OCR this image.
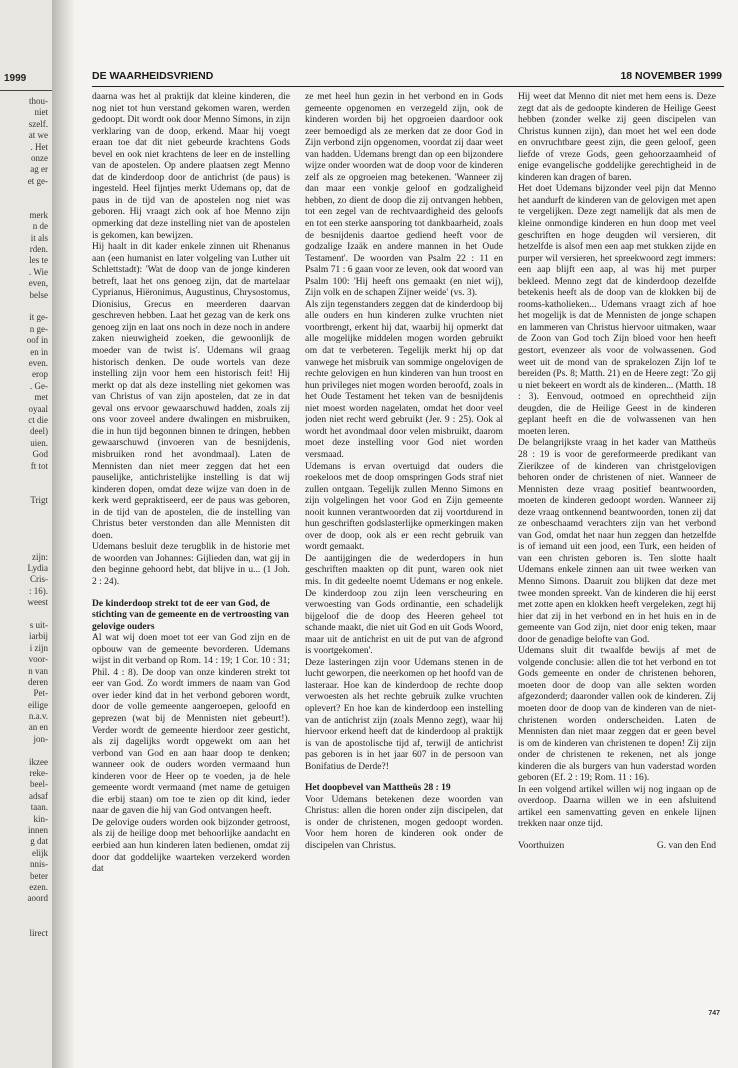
1999
thou-
niet
szelf.
at we
. Het
onze
ag er
et ge-
merk
n de
it als
rden.
les te
. Wie
even,
belse
it ge-
n ge-
oof in
en in
even.
erop
. Ge-
met
oyaal
ct die
deel)
uien.
God
ft tot
Trigt
zijn:
Lydia
Cris-
: 16).
weest
s uit-
iarbij
i zijn
voor-
n van
deren
Pet-
eilige
n.a.v.
an en
jon-
ikzee
reke-
beel-
adsaf
taan.
kin-
innen
g dat
elijk
nnis-
beter
ezen.
aoord
lirect
DE WAARHEIDSVRIEND	18 NOVEMBER 1999

daarna was het al praktijk dat kleine kinderen, die nog niet tot hun verstand gekomen waren, werden gedoopt. Dit wordt ook door Menno Simons, in zijn verklaring van de doop, erkend. Maar hij voegt eraan toe dat dit niet gebeurde krachtens Gods bevel en ook niet krachtens de leer en de instelling van de apostelen. Op andere plaatsen zegt Menno dat de kinderdoop door de antichrist (de paus) is ingesteld. Heel fijntjes merkt Udemans op, dat de paus in de tijd van de apostelen nog niet was geboren. Hij vraagt zich ook af hoe Menno zijn opmerking dat deze instelling niet van de apostelen is gekomen, kan bewijzen.

Hij haalt in dit kader enkele zinnen uit Rhenanus aan (een humanist en later volgeling van Luther uit Schlettstadt): 'Wat de doop van de jonge kinderen betreft, laat het ons genoeg zijn, dat de martelaar Cyprianus, Hiëronimus, Augustinus, Chrysostomus, Dionisius, Grecus en meerderen daarvan geschreven hebben. Laat het gezag van de kerk ons genoeg zijn en laat ons noch in deze noch in andere zaken nieuwigheid zoeken, die gewoonlijk de moeder van de twist is'. Udemans wil graag historisch denken. De oude wortels van deze instelling zijn voor hem een historisch feit! Hij merkt op dat als deze instelling niet gekomen was van Christus of van zijn apostelen, dat ze in dat geval ons ervoor gewaarschuwd hadden, zoals zij ons voor zoveel andere dwalingen en misbruiken, die in hun tijd begonnen binnen te dringen, hebben gewaarschuwd (invoeren van de besnijdenis, misbruiken rond het avondmaal). Laten de Mennisten dan niet meer zeggen dat het een pauselijke, antichristelijke instelling is dat wij kinderen dopen, omdat deze wijze van doen in de kerk werd gepraktiseerd, eer de paus was geboren, in de tijd van de apostelen, die de instelling van Christus beter verstonden dan alle Mennisten dit doen.

Udemans besluit deze terugblik in de historie met de woorden van Johannes: Gijlieden dan, wat gij in den beginne gehoord hebt, dat blijve in u... (1 Joh. 2 : 24).

De kinderdoop strekt tot de eer van God, de stichting van de gemeente en de vertroosting van gelovige ouders

Al wat wij doen moet tot eer van God zijn en de opbouw van de gemeente bevorderen. Udemans wijst in dit verband op Rom. 14 : 19; 1 Cor. 10 : 31; Phil. 4 : 8). De doop van onze kinderen strekt tot eer van God. Zo wordt immers de naam van God over ieder kind dat in het verbond geboren wordt, door de volle gemeente aangeroepen, geloofd en geprezen (wat bij de Mennisten niet gebeurt!). Verder wordt de gemeente hierdoor zeer gesticht, als zij dagelijks wordt opgewekt om aan het verbond van God en aan haar doop te denken; wanneer ook de ouders worden vermaand hun kinderen voor de Heer op te voeden, ja de hele gemeente wordt vermaand (met name de getuigen die erbij staan) om toe te zien op dit kind, ieder naar de gaven die hij van God ontvangen heeft.

De gelovige ouders worden ook bijzonder getroost, als zij de heilige doop met behoorlijke aandacht en eerbied aan hun kinderen laten bedienen, omdat zij door dat goddelijke waarteken verzekerd worden dat

ze met heel hun gezin in het verbond en in Gods gemeente opgenomen en verzegeld zijn, ook de kinderen worden bij het opgroeien daardoor ook zeer bemoedigd als ze merken dat ze door God in Zijn verbond zijn opgenomen, voordat zij daar weet van hadden. Udemans brengt dan op een bijzondere wijze onder woorden wat de doop voor de kinderen zelf als ze opgroeien mag betekenen. 'Wanneer zij dan maar een vonkje geloof en godzaligheid hebben, zo dient de doop die zij ontvangen hebben, tot een zegel van de rechtvaardigheid des geloofs en tot een sterke aansporing tot dankbaarheid, zoals de besnijdenis daartoe gediend heeft voor de godzalige Izaäk en andere mannen in het Oude Testament'. De woorden van Psalm 22 : 11 en Psalm 71 : 6 gaan voor ze leven, ook dat woord van Psalm 100: 'Hij heeft ons gemaakt (en niet wij), Zijn volk en de schapen Zijner weide' (vs. 3).

Als zijn tegenstanders zeggen dat de kinderdoop bij alle ouders en hun kinderen zulke vruchten niet voortbrengt, erkent hij dat, waarbij hij opmerkt dat alle mogelijke middelen mogen worden gebruikt om dat te verbeteren. Tegelijk merkt hij op dat vanwege het misbruik van sommige ongelovigen de rechte gelovigen en hun kinderen van hun troost en hun privileges niet mogen worden beroofd, zoals in het Oude Testament het teken van de besnijdenis niet moest worden nagelaten, omdat het door veel joden niet recht werd gebruikt (Jer. 9 : 25). Ook al wordt het avondmaal door velen misbruikt, daarom moet deze instelling voor God niet worden versmaad.

Udemans is ervan overtuigd dat ouders die roekeloos met de doop omspringen Gods straf niet zullen ontgaan. Tegelijk zullen Menno Simons en zijn volgelingen het voor God en Zijn gemeente nooit kunnen verantwoorden dat zij voortdurend in hun geschriften godslasterlijke opmerkingen maken over de doop, ook als er een recht gebruik van wordt gemaakt.

De aantijgingen die de wederdopers in hun geschriften maakten op dit punt, waren ook niet mis. In dit gedeelte noemt Udemans er nog enkele. De kinderdoop zou zijn leen verscheuring en verwoesting van Gods ordinantie, een schadelijk bijgeloof die de doop des Heeren geheel tot schande maakt, die niet uit God en uit Gods Woord, maar uit de antichrist en uit de put van de afgrond is voortgekomen'.

Deze lasteringen zijn voor Udemans stenen in de lucht geworpen, die neerkomen op het hoofd van de lasteraar. Hoe kan de kinderdoop de rechte doop verwoesten als het rechte gebruik zulke vruchten oplevert? En hoe kan de kinderdoop een instelling van de antichrist zijn (zoals Menno zegt), waar hij hiervoor erkend heeft dat de kinderdoop al praktijk is van de apostolische tijd af, terwijl de antichrist pas geboren is in het jaar 607 in de persoon van Bonifatius de Derde?!

Het doopbevel van Mattheüs 28 : 19

Voor Udemans betekenen deze woorden van Christus: allen die horen onder zijn discipelen, dat is onder de christenen, mogen gedoopt worden. Voor hem horen de kinderen ook onder de discipelen van Christus.

Hij weet dat Menno dit niet met hem eens is. Deze zegt dat als de gedoopte kinderen de Heilige Geest hebben (zonder welke zij geen discipelen van Christus kunnen zijn), dan moet het wel een dode en onvruchtbare geest zijn, die geen geloof, geen liefde of vreze Gods, geen gehoorzaamheid of enige evangelische goddelijke gerechtigheid in de kinderen kan dragen of baren.

Het doet Udemans bijzonder veel pijn dat Menno het aandurft de kinderen van de gelovigen met apen te vergelijken. Deze zegt namelijk dat als men de kleine onmondige kinderen en hun doop met veel geschriften en hoge deugden wil versieren, dit hetzelfde is alsof men een aap met stukken zijde en purper wil versieren, het spreekwoord zegt immers: een aap blijft een aap, al was hij met purper bekleed. Menno zegt dat de kinderdoop dezelfde betekenis heeft als de doop van de klokken bij de rooms-katholieken... Udemans vraagt zich af hoe het mogelijk is dat de Mennisten de jonge schapen en lammeren van Christus hiervoor uitmaken, waar de Zoon van God toch Zijn bloed voor hen heeft gestort, evenzeer als voor de volwassenen. God weet uit de mond van de sprakelozen Zijn lof te bereiden (Ps. 8; Matth. 21) en de Heere zegt: 'Zo gij u niet bekeert en wordt als de kinderen... (Matth. 18 : 3). Eenvoud, ootmoed en oprechtheid zijn deugden, die de Heilige Geest in de kinderen geplant heeft en die de volwassenen van hen moeten leren.

De belangrijkste vraag in het kader van Mattheüs 28 : 19 is voor de gereformeerde predikant van Zierikzee of de kinderen van christgelovigen behoren onder de christenen of niet. Wanneer de Mennisten deze vraag positief beantwoorden, moeten de kinderen gedoopt worden. Wanneer zij deze vraag ontkennend beantwoorden, tonen zij dat ze onbeschaamd verachters zijn van het verbond van God, omdat het naar hun zeggen dan hetzelfde is of iemand uit een jood, een Turk, een heiden of van een christen geboren is. Ten slotte haalt Udemans enkele zinnen aan uit twee werken van Menno Simons. Daaruit zou blijken dat deze met twee monden spreekt. Van de kinderen die hij eerst met zotte apen en klokken heeft vergeleken, zegt hij hier dat zij in het verbond en in het huis en in de gemeente van God zijn, niet door enig teken, maar door de genadige belofte van God.

Udemans sluit dit twaalfde bewijs af met de volgende conclusie: allen die tot het verbond en tot Gods gemeente en onder de christenen behoren, moeten door de doop van alle sekten worden afgezonderd; daaronder vallen ook de kinderen. Zij moeten door de doop van de kinderen van de niet-christenen worden onderscheiden. Laten de Mennisten dan niet maar zeggen dat er geen bevel is om de kinderen van christenen te dopen! Zij zijn onder de christenen te rekenen, net als jonge kinderen die als burgers van hun vaderstad worden geboren (Ef. 2 : 19; Rom. 11 : 16).

In een volgend artikel willen wij nog ingaan op de overdoop. Daarna willen we in een afsluitend artikel een samenvatting geven en enkele lijnen trekken naar onze tijd.

Voorthuizen	G. van den End
747
